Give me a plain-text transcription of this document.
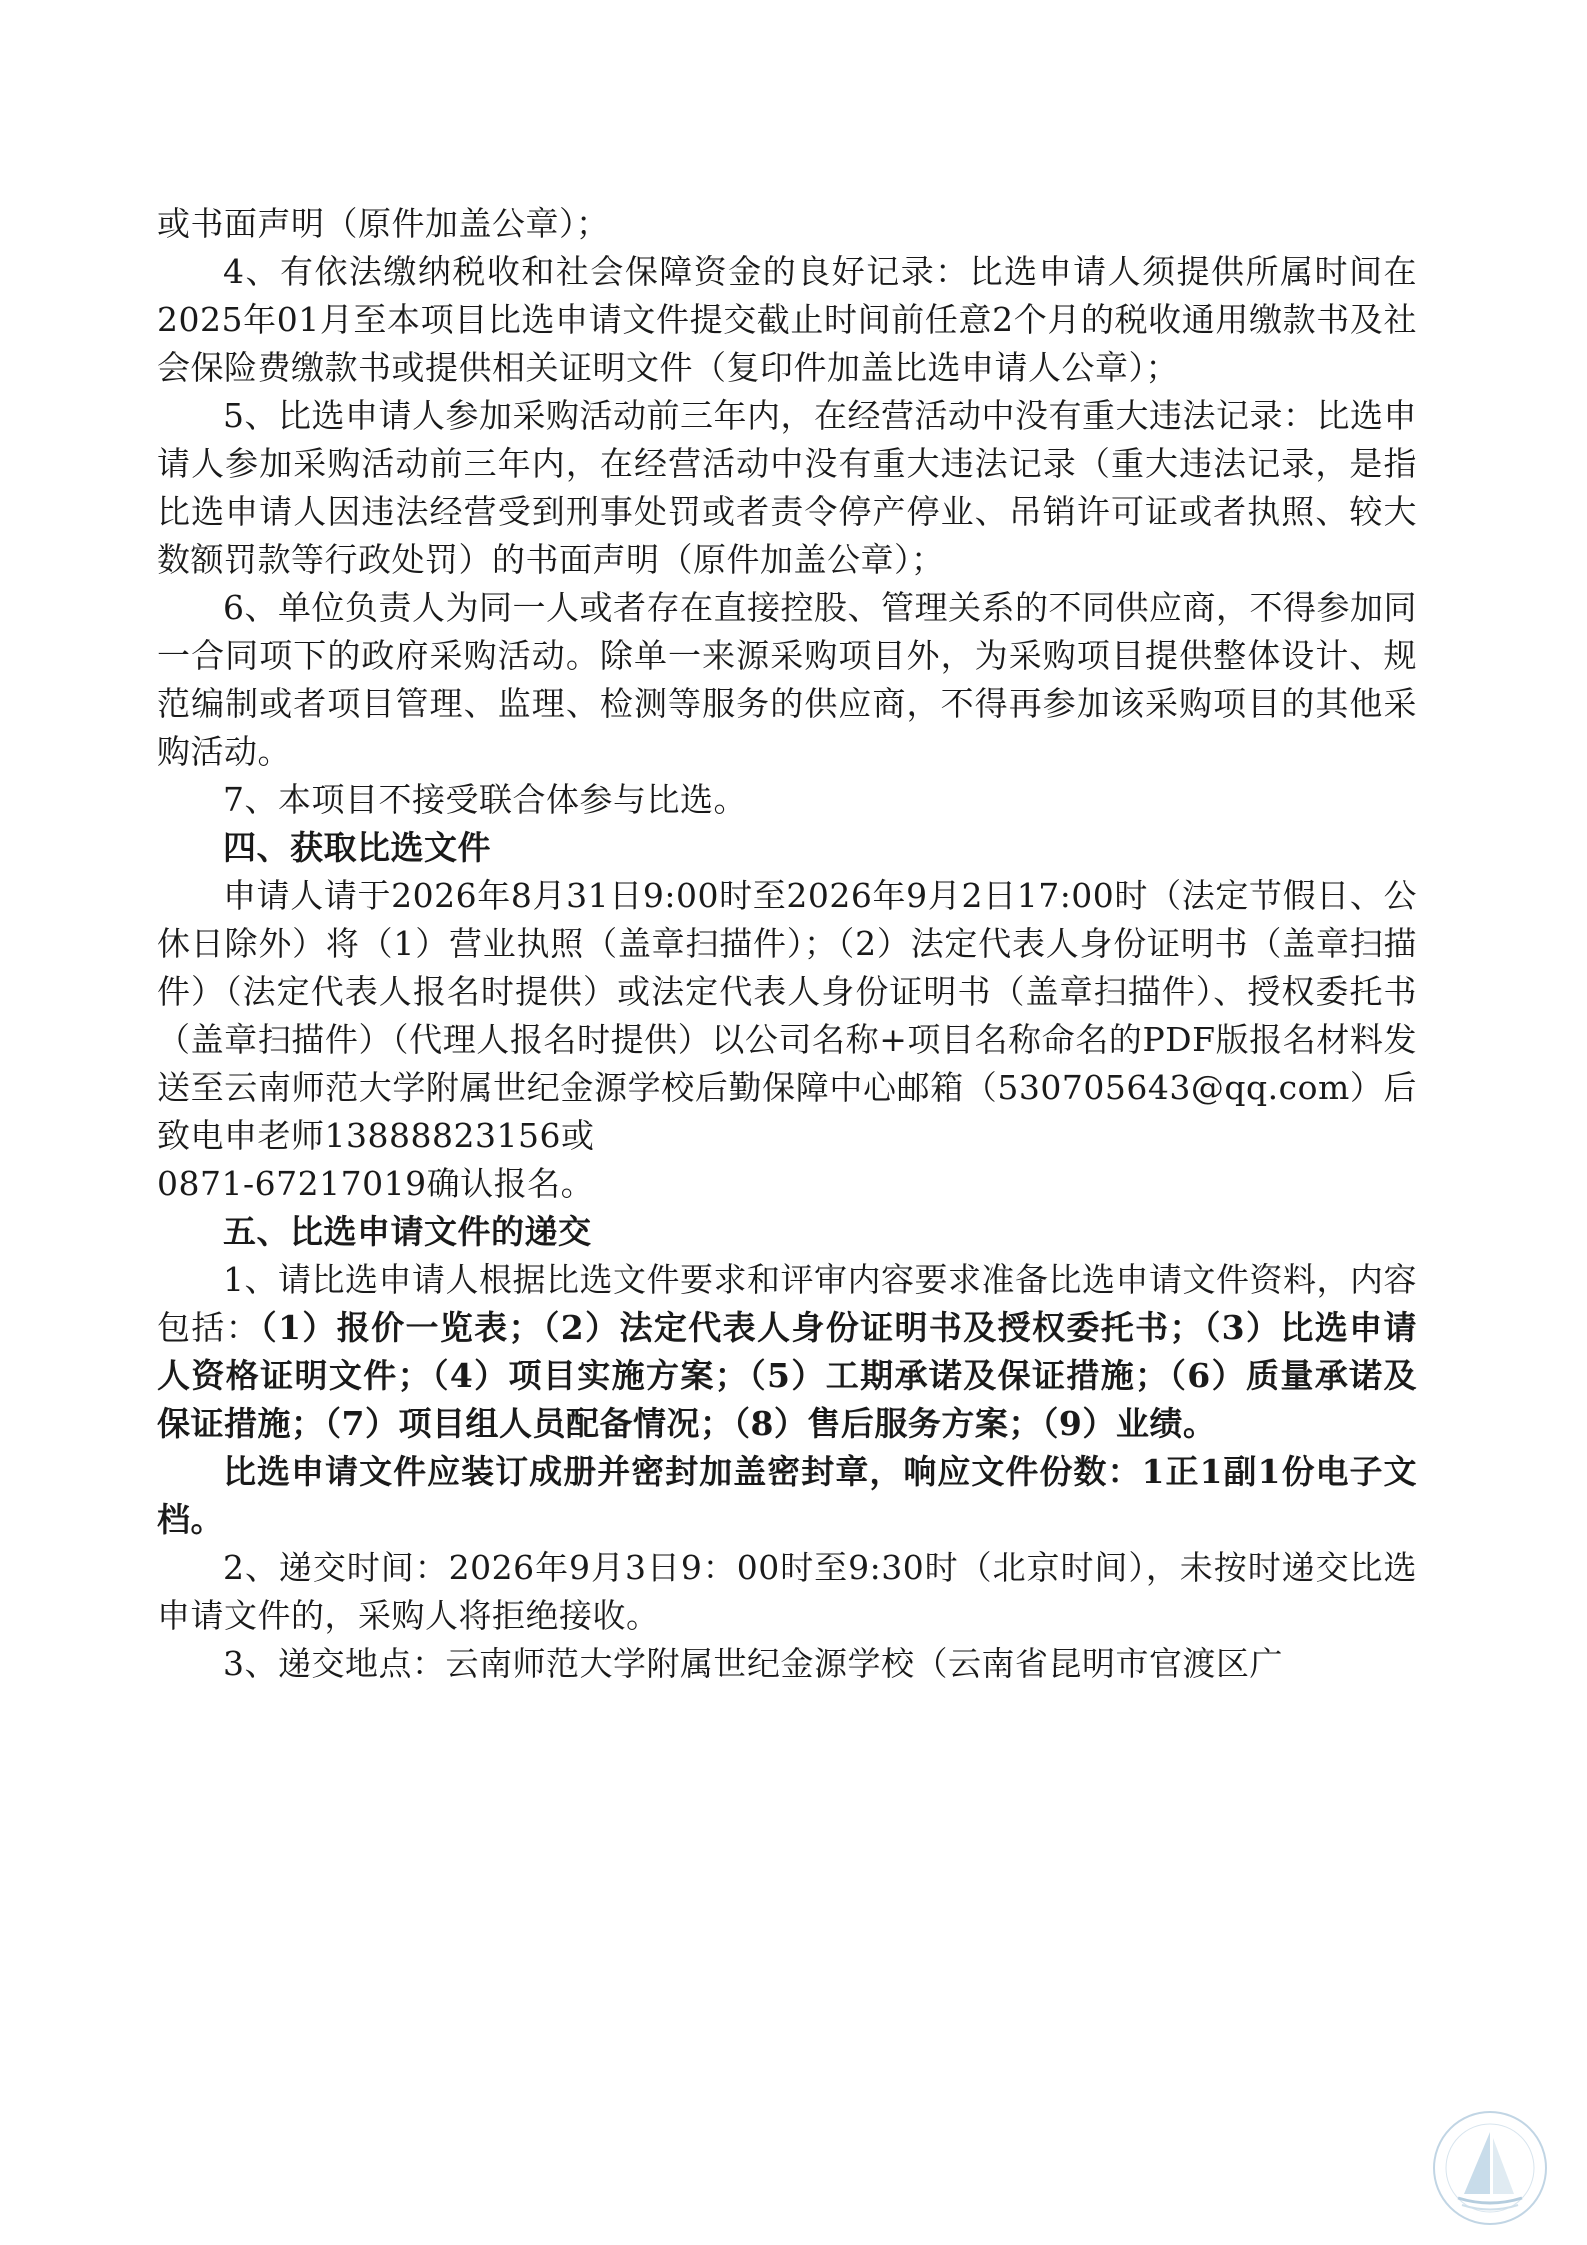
或书面声明（原件加盖公章）；

4、有依法缴纳税收和社会保障资金的良好记录：比选申请人须提供所属时间在2025年01月至本项目比选申请文件提交截止时间前任意2个月的税收通用缴款书及社会保险费缴款书或提供相关证明文件（复印件加盖比选申请人公章）；

5、比选申请人参加采购活动前三年内，在经营活动中没有重大违法记录：比选申请人参加采购活动前三年内，在经营活动中没有重大违法记录（重大违法记录，是指比选申请人因违法经营受到刑事处罚或者责令停产停业、吊销许可证或者执照、较大数额罚款等行政处罚）的书面声明（原件加盖公章）；

6、单位负责人为同一人或者存在直接控股、管理关系的不同供应商，不得参加同一合同项下的政府采购活动。除单一来源采购项目外，为采购项目提供整体设计、规范编制或者项目管理、监理、检测等服务的供应商，不得再参加该采购项目的其他采购活动。

7、本项目不接受联合体参与比选。

四、获取比选文件

申请人请于2026年8月31日9:00时至2026年9月2日17:00时（法定节假日、公休日除外）将（1）营业执照（盖章扫描件）；（2）法定代表人身份证明书（盖章扫描件）（法定代表人报名时提供）或法定代表人身份证明书（盖章扫描件）、授权委托书（盖章扫描件）（代理人报名时提供）以公司名称+项目名称命名的PDF版报名材料发送至云南师范大学附属世纪金源学校后勤保障中心邮箱（530705643@qq.com）后致电申老师13888823156或

0871-67217019确认报名。

五、比选申请文件的递交

1、请比选申请人根据比选文件要求和评审内容要求准备比选申请文件资料，内容包括：（1）报价一览表；（2）法定代表人身份证明书及授权委托书；（3）比选申请人资格证明文件；（4）项目实施方案；（5）工期承诺及保证措施；（6）质量承诺及保证措施；（7）项目组人员配备情况；（8）售后服务方案；（9）业绩。

比选申请文件应装订成册并密封加盖密封章，响应文件份数：1正1副1份电子文档。

2、递交时间：2026年9月3日9：00时至9:30时（北京时间），未按时递交比选申请文件的，采购人将拒绝接收。

3、递交地点：云南师范大学附属世纪金源学校（云南省昆明市官渡区广
